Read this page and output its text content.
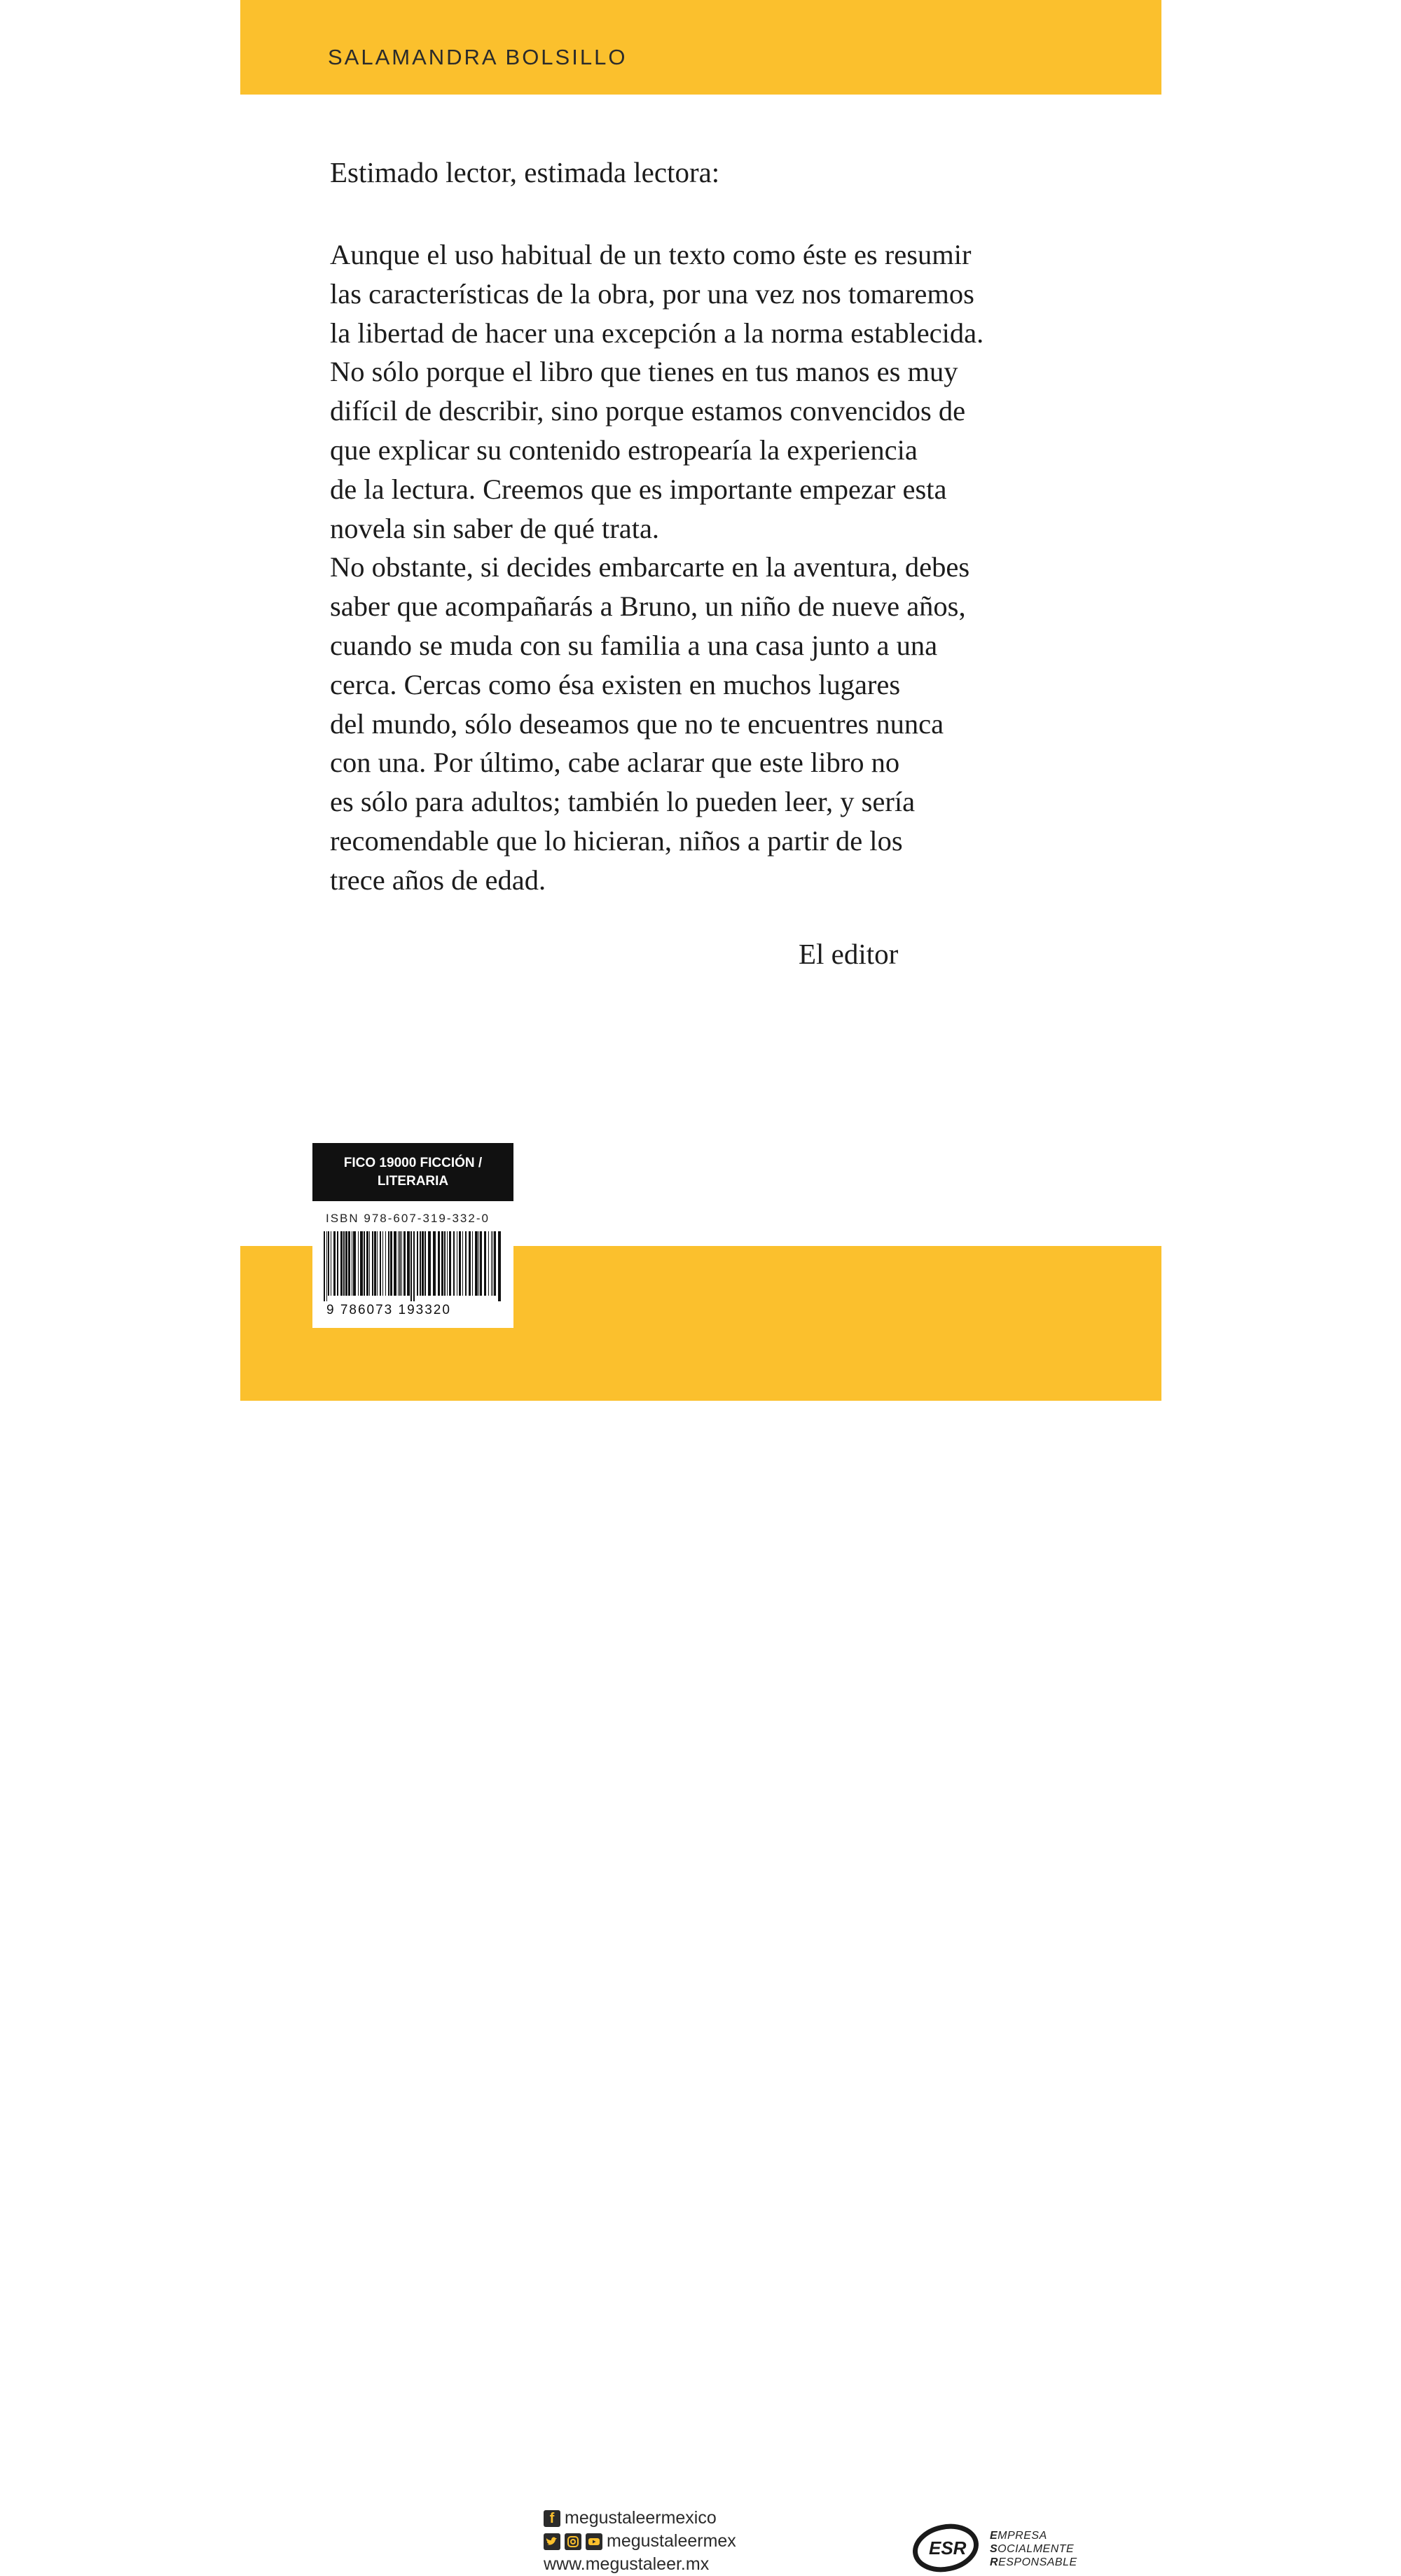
SALAMANDRA BOLSILLO
Estimado lector, estimada lectora:
Aunque el uso habitual de un texto como éste es resumir
las características de la obra, por una vez nos tomaremos
la libertad de hacer una excepción a la norma establecida.
No sólo porque el libro que tienes en tus manos es muy
difícil de describir, sino porque estamos convencidos de
que explicar su contenido estropearía la experiencia
de la lectura. Creemos que es importante empezar esta
novela sin saber de qué trata.
No obstante, si decides embarcarte en la aventura, debes
saber que acompañarás a Bruno, un niño de nueve años,
cuando se muda con su familia a una casa junto a una
cerca. Cercas como ésa existen en muchos lugares
del mundo, sólo deseamos que no te encuentres nunca
con una. Por último, cabe aclarar que este libro no
es sólo para adultos; también lo pueden leer, y sería
recomendable que lo hicieran, niños a partir de los
trece años de edad.
El editor
f megustaleermexico
megustaleermex
www.megustaleer.mx
ESR
EMPRESA
SOCIALMENTE
RESPONSABLE
FICO 19000 FICCIÓN /
LITERARIA
ISBN 978-607-319-332-0
9 786073 193320
